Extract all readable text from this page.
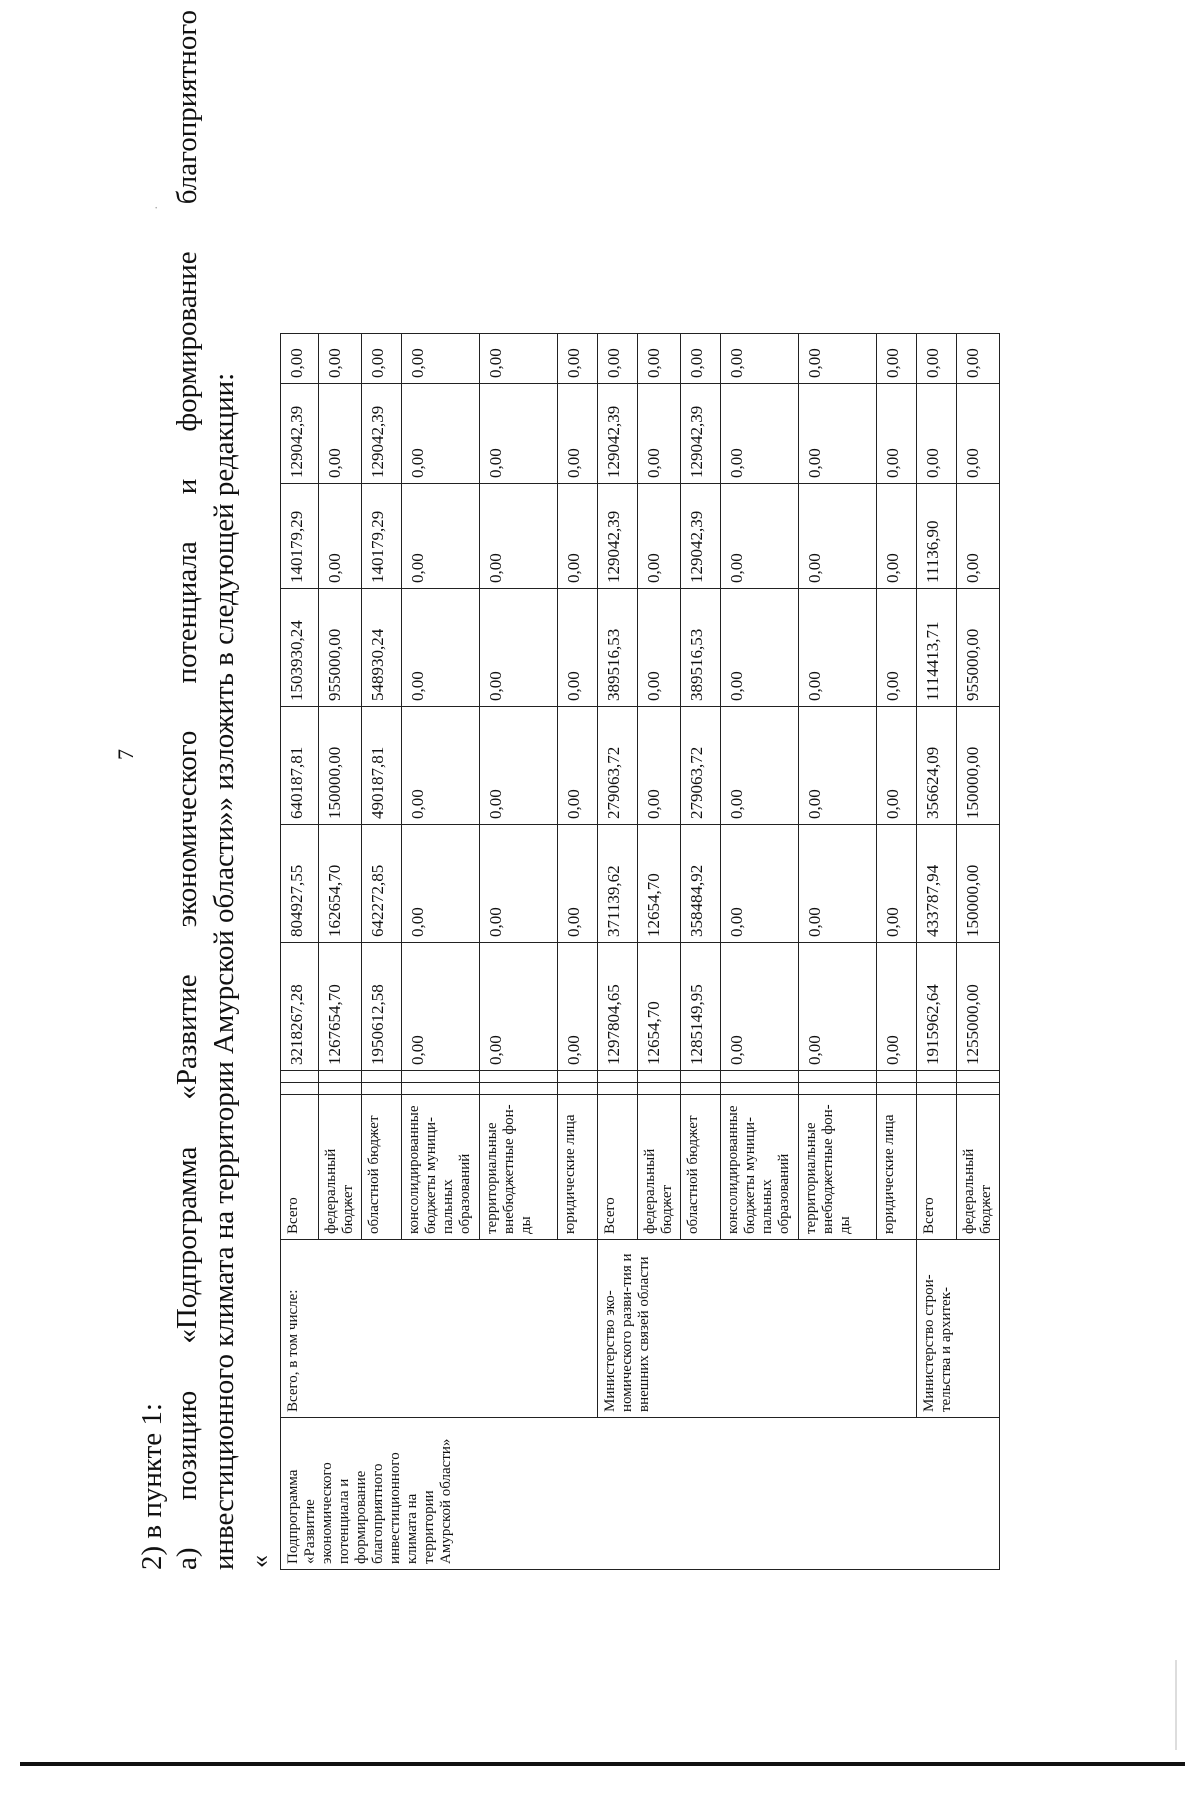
7
·
2) в пункте 1: а)
позицию
«Подпрограмма
«Развитие
экономического
потенциала
и
формирование
благоприятного
инвестиционного климата на территории Амурской области»» изложить в следующей редакции: « Подпрограмма «Развитие экономического потенциала и формирование благоприятного инвестиционного климата на территории Амурской области»	Всего, в том числе:	Всего			3218267,28	804927,55	640187,81	1503930,24	140179,29	129042,39	0,00
		федеральный бюджет			1267654,70	162654,70	150000,00	955000,00	0,00	0,00	0,00
		областной бюджет			1950612,58	642272,85	490187,81	548930,24	140179,29	129042,39	0,00
		консолидированные бюджеты муници-пальных образований			0,00	0,00	0,00	0,00	0,00	0,00	0,00
		территориальные внебюджетные фон-ды			0,00	0,00	0,00	0,00	0,00	0,00	0,00
		юридические лица			0,00	0,00	0,00	0,00	0,00	0,00	0,00
	Министерство эко-номического разви-тия и внешних связей области	Всего			1297804,65	371139,62	279063,72	389516,53	129042,39	129042,39	0,00
		федеральный бюджет			12654,70	12654,70	0,00	0,00	0,00	0,00	0,00
		областной бюджет			1285149,95	358484,92	279063,72	389516,53	129042,39	129042,39	0,00
		консолидированные бюджеты муници-пальных образований			0,00	0,00	0,00	0,00	0,00	0,00	0,00
		территориальные внебюджетные фон-ды			0,00	0,00	0,00	0,00	0,00	0,00	0,00
		юридические лица			0,00	0,00	0,00	0,00	0,00	0,00	0,00
	Министерство строи-тельства и архитек-	Всего			1915962,64	433787,94	356624,09	1114413,71	11136,90	0,00	0,00
		федеральный бюджет			1255000,00	150000,00	150000,00	955000,00	0,00	0,00	0,00
